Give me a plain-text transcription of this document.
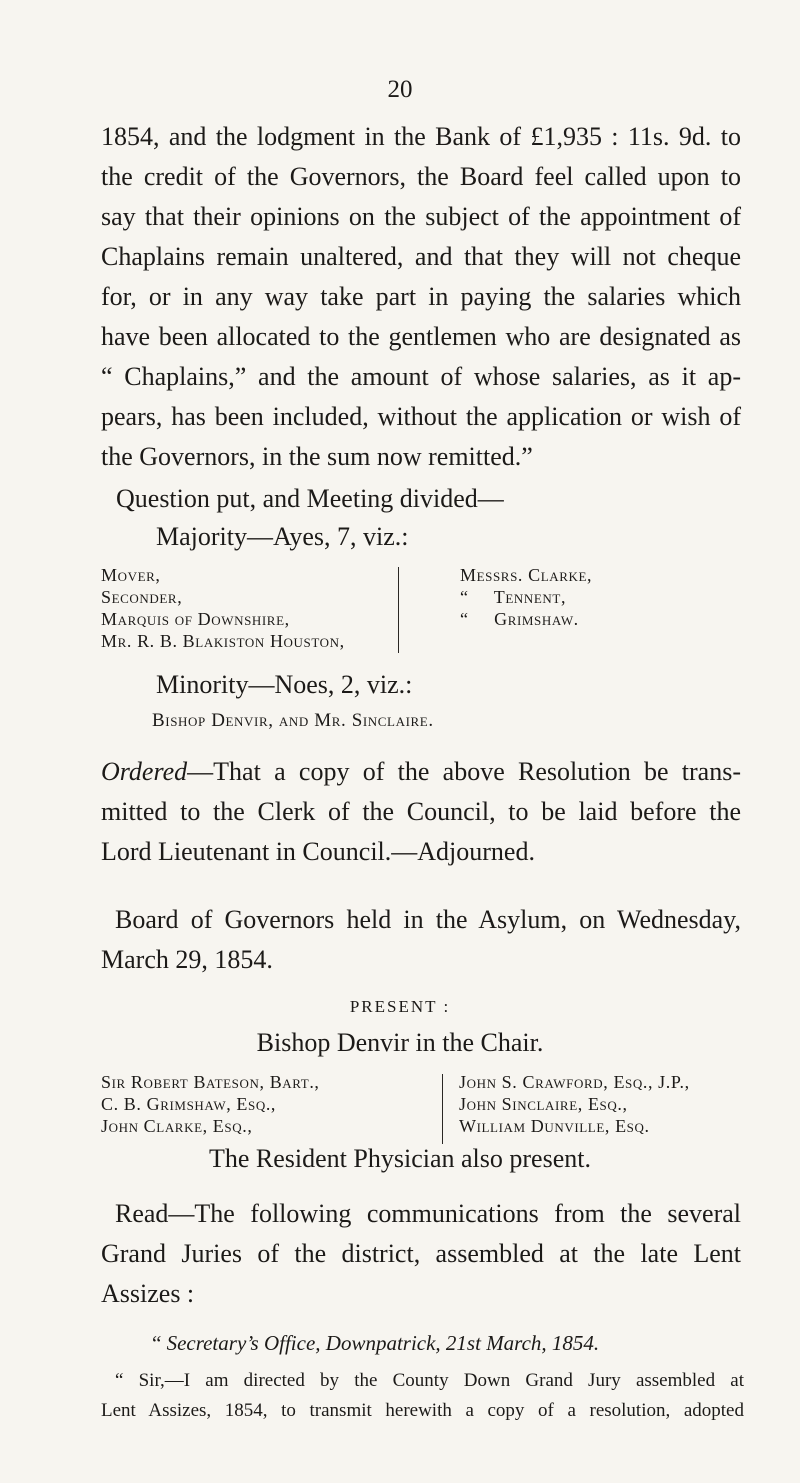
20
1854, and the lodgment in the Bank of £1,935 : 11s. 9d. to
the credit of the Governors, the Board feel called upon to
say that their opinions on the subject of the appointment of
Chaplains remain unaltered, and that they will not cheque
for, or in any way take part in paying the salaries which
have been allocated to the gentlemen who are designated as
“ Chaplains,” and the amount of whose salaries, as it ap-
pears, has been included, without the application or wish of
the Governors, in the sum now remitted.”
Question put, and Meeting divided—
Majority—Ayes, 7, viz.:
Mover,
Seconder,
Marquis of Downshire,
Mr. R. B. Blakiston Houston,
Messrs. Clarke,
“     Tennent,
“     Grimshaw.
Minority—Noes, 2, viz.:
Bishop Denvir, and Mr. Sinclaire.
Ordered—That a copy of the above Resolution be trans-
mitted to the Clerk of the Council, to be laid before the
Lord Lieutenant in Council.—Adjourned.
Board of Governors held in the Asylum, on Wednesday,
March 29, 1854.
PRESENT :
Bishop Denvir in the Chair.
Sir Robert Bateson, Bart.,
C. B. Grimshaw, Esq.,
John Clarke, Esq.,
John S. Crawford, Esq., J.P.,
John Sinclaire, Esq.,
William Dunville, Esq.
The Resident Physician also present.
Read—The following communications from the several
Grand Juries of the district, assembled at the late Lent
Assizes :
“ Secretary’s Office, Downpatrick, 21st March, 1854.
“ Sir,—I am directed by the County Down Grand Jury assembled at
Lent Assizes, 1854, to transmit herewith a copy of a resolution, adopted
